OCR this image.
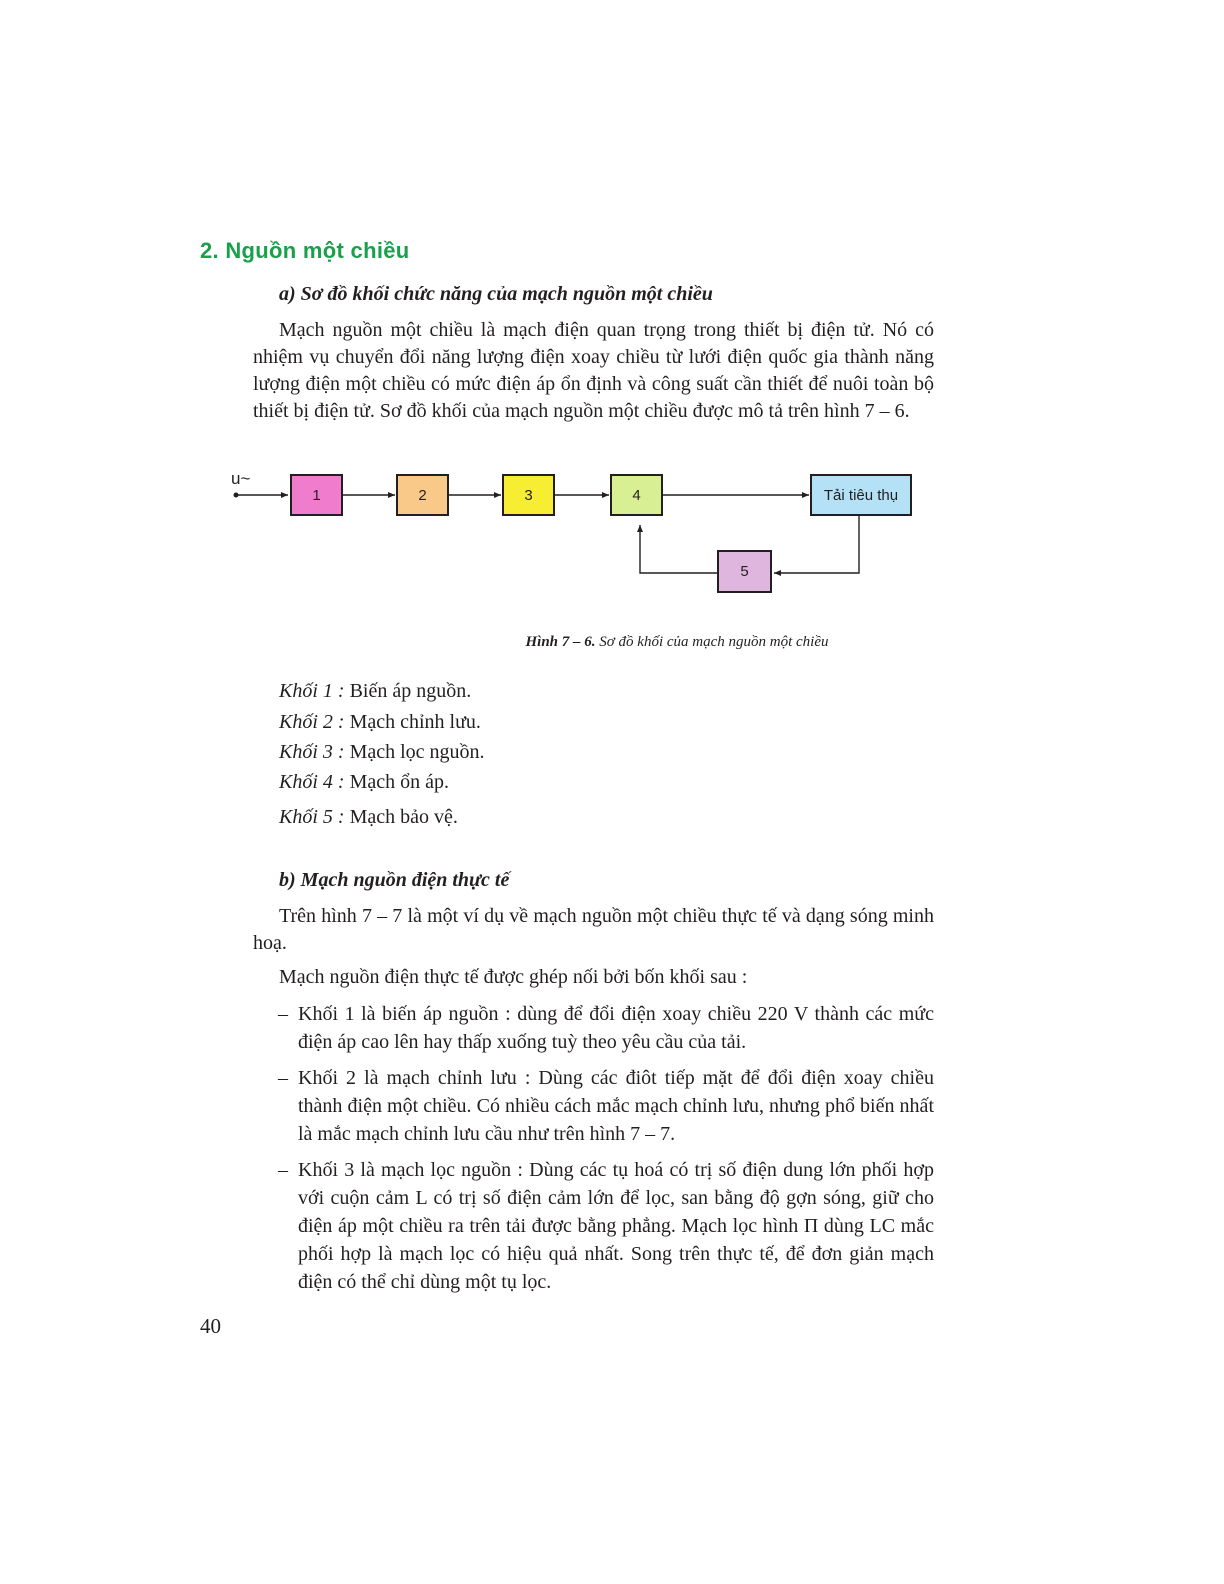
2. Nguồn một chiều

a) Sơ đồ khối chức năng của mạch nguồn một chiều

Mạch nguồn một chiều là mạch điện quan trọng trong thiết bị điện tử. Nó có nhiệm vụ chuyển đổi năng lượng điện xoay chiều từ lưới điện quốc gia thành năng lượng điện một chiều có mức điện áp ổn định và công suất cần thiết để nuôi toàn bộ thiết bị điện tử. Sơ đồ khối của mạch nguồn một chiều được mô tả trên hình 7 – 6.

u~
1	2	3	4	Tải tiêu thụ
5

Hình 7 – 6. Sơ đồ khối của mạch nguồn một chiều

Khối 1 : Biến áp nguồn.
Khối 2 : Mạch chỉnh lưu.
Khối 3 : Mạch lọc nguồn.
Khối 4 : Mạch ổn áp.
Khối 5 : Mạch bảo vệ.

b) Mạch nguồn điện thực tế

Trên hình 7 – 7 là một ví dụ về mạch nguồn một chiều thực tế và dạng sóng minh hoạ.

Mạch nguồn điện thực tế được ghép nối bởi bốn khối sau :

– Khối 1 là biến áp nguồn : dùng để đổi điện xoay chiều 220 V thành các mức điện áp cao lên hay thấp xuống tuỳ theo yêu cầu của tải.
– Khối 2 là mạch chỉnh lưu : Dùng các điôt tiếp mặt để đổi điện xoay chiều thành điện một chiều. Có nhiều cách mắc mạch chỉnh lưu, nhưng phổ biến nhất là mắc mạch chỉnh lưu cầu như trên hình 7 – 7.
– Khối 3 là mạch lọc nguồn : Dùng các tụ hoá có trị số điện dung lớn phối hợp với cuộn cảm L có trị số điện cảm lớn để lọc, san bằng độ gợn sóng, giữ cho điện áp một chiều ra trên tải được bằng phẳng. Mạch lọc hình Π dùng LC mắc phối hợp là mạch lọc có hiệu quả nhất. Song trên thực tế, để đơn giản mạch điện có thể chỉ dùng một tụ lọc.

40
